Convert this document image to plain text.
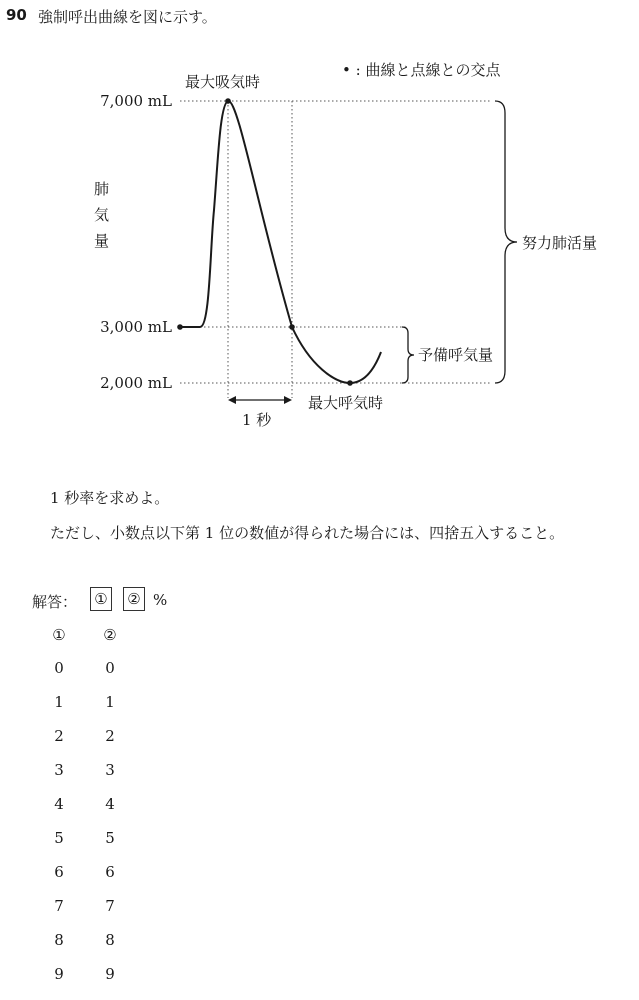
90 強制呼出曲線を図に示す。
• : 曲線と点線との交点
最大吸気時
最大呼気時
7,000 mL
3,000 mL
2,000 mL
肺
気
量
1 秒
努力肺活量
予備呼気量
1 秒率を求めよ。
ただし、小数点以下第 1 位の数値が得られた場合には、四捨五入すること。
解答： ① ② %
①	②
0	0
1	1
2	2
3	3
4	4
5	5
6	6
7	7
8	8
9	9
